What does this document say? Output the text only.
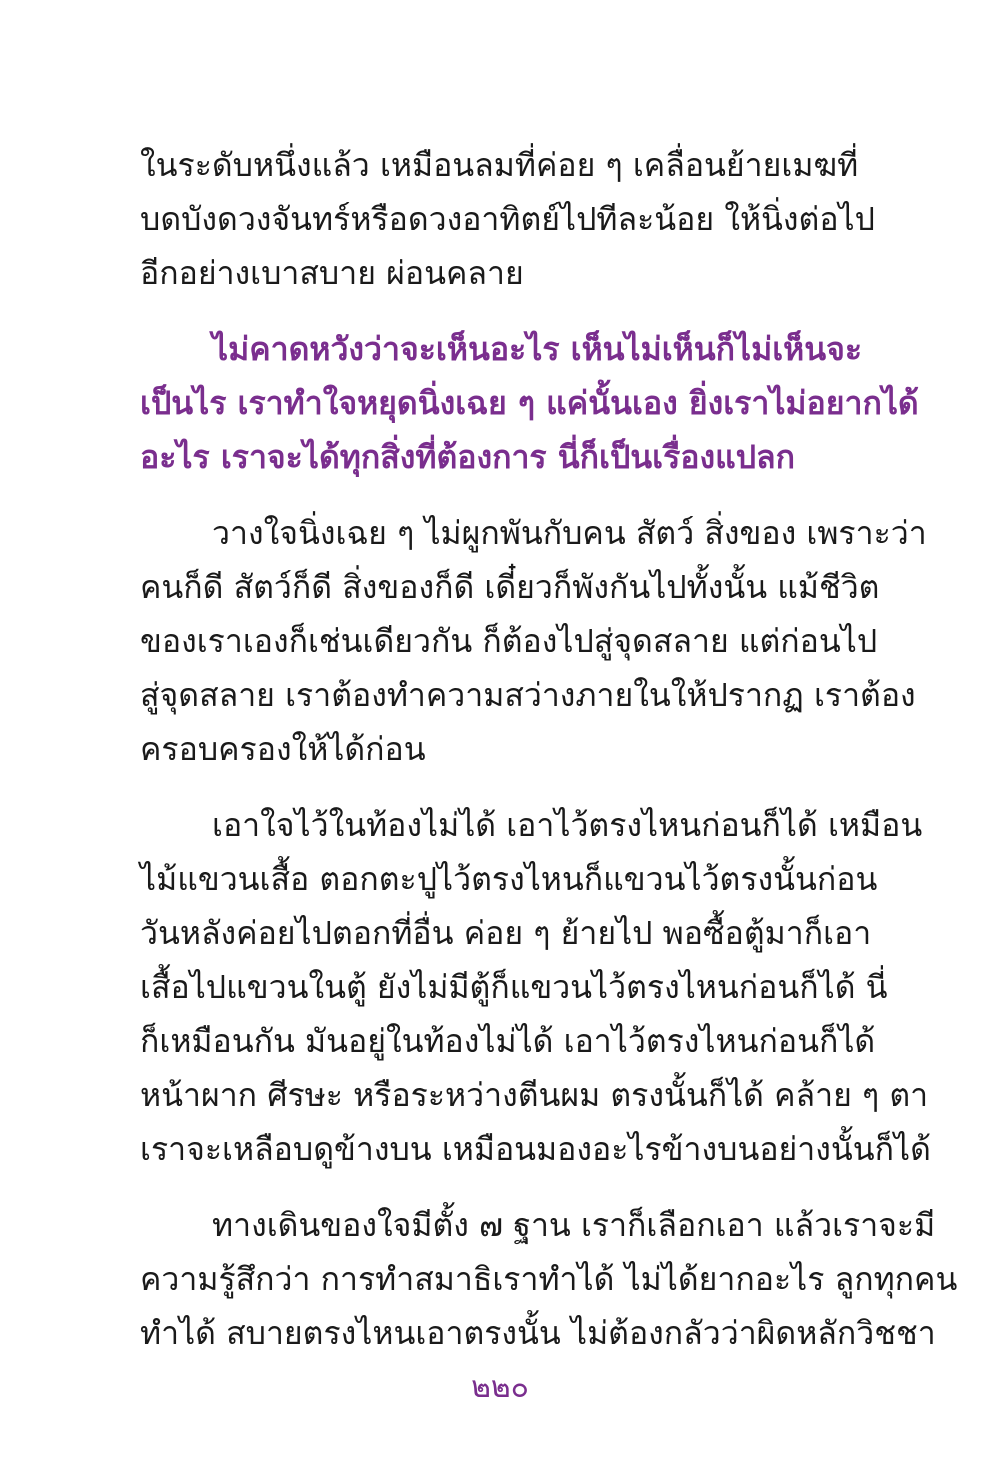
ในระดับหนึ่งแล้ว เหมือนลมที่ค่อย ๆ เคลื่อนย้ายเมฆที่
บดบังดวงจันทร์หรือดวงอาทิตย์ไปทีละน้อย ให้นิ่งต่อไป
อีกอย่างเบาสบาย ผ่อนคลาย

ไม่คาดหวังว่าจะเห็นอะไร เห็นไม่เห็นก็ไม่เห็นจะ
เป็นไร เราทำใจหยุดนิ่งเฉย ๆ แค่นั้นเอง ยิ่งเราไม่อยากได้
อะไร เราจะได้ทุกสิ่งที่ต้องการ นี่ก็เป็นเรื่องแปลก

วางใจนิ่งเฉย ๆ ไม่ผูกพันกับคน สัตว์ สิ่งของ เพราะว่า
คนก็ดี สัตว์ก็ดี สิ่งของก็ดี เดี๋ยวก็พังกันไปทั้งนั้น แม้ชีวิต
ของเราเองก็เช่นเดียวกัน ก็ต้องไปสู่จุดสลาย แต่ก่อนไป
สู่จุดสลาย เราต้องทำความสว่างภายในให้ปรากฏ เราต้อง
ครอบครองให้ได้ก่อน

เอาใจไว้ในท้องไม่ได้ เอาไว้ตรงไหนก่อนก็ได้ เหมือน
ไม้แขวนเสื้อ ตอกตะปูไว้ตรงไหนก็แขวนไว้ตรงนั้นก่อน
วันหลังค่อยไปตอกที่อื่น ค่อย ๆ ย้ายไป พอซื้อตู้มาก็เอา
เสื้อไปแขวนในตู้ ยังไม่มีตู้ก็แขวนไว้ตรงไหนก่อนก็ได้ นี่
ก็เหมือนกัน มันอยู่ในท้องไม่ได้ เอาไว้ตรงไหนก่อนก็ได้
หน้าผาก ศีรษะ หรือระหว่างตีนผม ตรงนั้นก็ได้ คล้าย ๆ ตา
เราจะเหลือบดูข้างบน เหมือนมองอะไรข้างบนอย่างนั้นก็ได้

ทางเดินของใจมีตั้ง ๗ ฐาน เราก็เลือกเอา แล้วเราจะมี
ความรู้สึกว่า การทำสมาธิเราทำได้ ไม่ได้ยากอะไร ลูกทุกคน
ทำได้ สบายตรงไหนเอาตรงนั้น ไม่ต้องกลัวว่าผิดหลักวิชชา

๒๒๐
